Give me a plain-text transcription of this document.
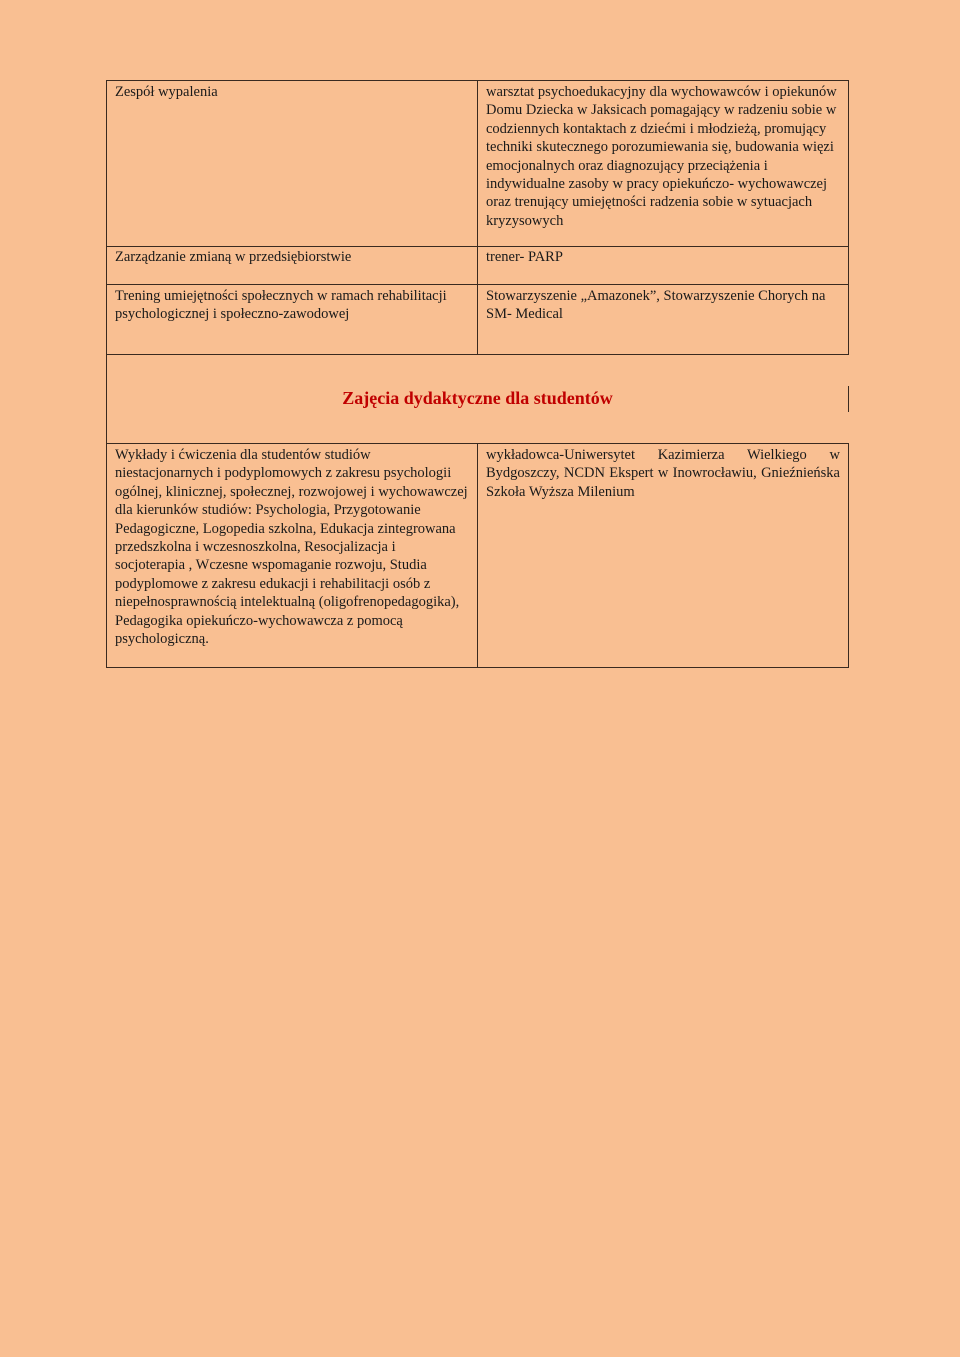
Zespół wypalenia	warsztat psychoedukacyjny dla wychowawców i opiekunów Domu Dziecka w Jaksicach pomagający w radzeniu sobie w codziennych kontaktach z dziećmi i młodzieżą, promujący techniki skutecznego porozumiewania się, budowania więzi emocjonalnych oraz diagnozujący przeciążenia i indywidualne zasoby w pracy opiekuńczo- wychowawczej oraz trenujący umiejętności radzenia sobie w sytuacjach kryzysowych
Zarządzanie zmianą w przedsiębiorstwie	trener- PARP
Trening umiejętności społecznych w ramach rehabilitacji psychologicznej i społeczno-zawodowej
Stowarzyszenie „Amazonek”, Stowarzyszenie Chorych na SM- Medical
Zajęcia dydaktyczne dla studentów
Wykłady i ćwiczenia dla studentów studiów niestacjonarnych i podyplomowych z zakresu psychologii ogólnej, klinicznej, społecznej, rozwojowej i wychowawczej dla kierunków studiów: Psychologia, Przygotowanie Pedagogiczne, Logopedia szkolna, Edukacja zintegrowana przedszkolna i wczesnoszkolna, Resocjalizacja i socjoterapia , Wczesne wspomaganie rozwoju, Studia podyplomowe z zakresu edukacji i rehabilitacji osób z niepełnosprawnością intelektualną (oligofrenopedagogika), Pedagogika opiekuńczo-wychowawcza z pomocą psychologiczną.
wykładowca-Uniwersytet Kazimierza Wielkiego w Bydgoszczy, NCDN Ekspert w Inowrocławiu, Gnieźnieńska Szkoła Wyższa Milenium
